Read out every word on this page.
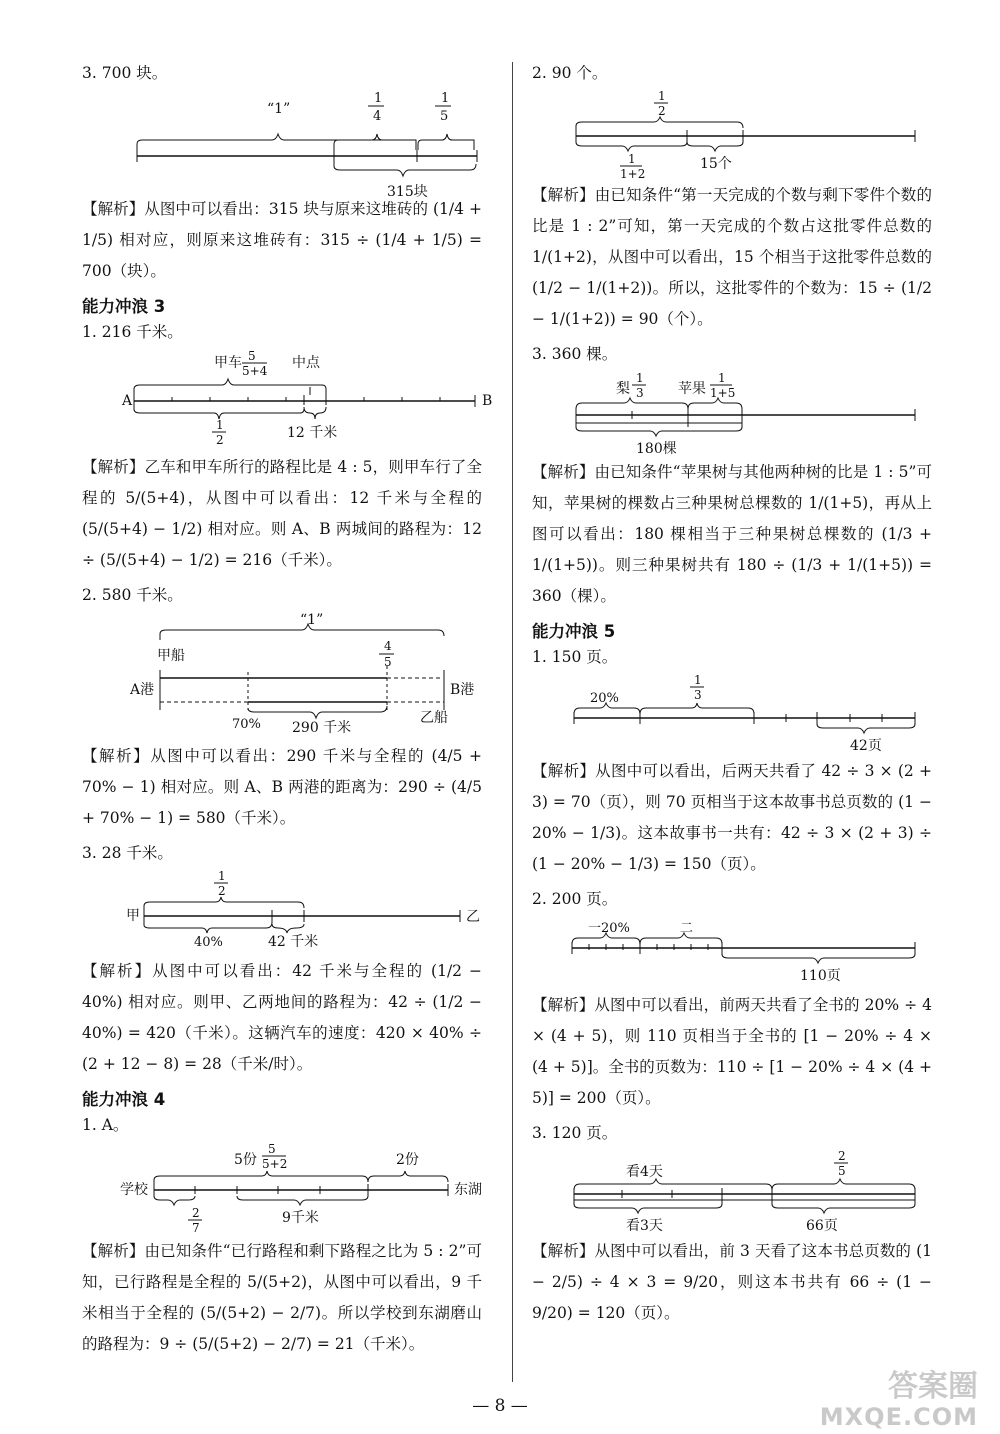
3. 700 块。
“1”
1
4
1
5
315块
【解析】从图中可以看出：315 块与原来这堆砖的 (1/4 + 1/5) 相对应，则原来这堆砖有：315 ÷ (1/4 + 1/5) = 700（块）。
能力冲浪 3
1. 216 千米。
甲车 5
5+4 中点
A	B
1
2	12 千米
【解析】乙车和甲车所行的路程比是 4 : 5，则甲车行了全程的 5/(5+4)，从图中可以看出：12 千米与全程的 (5/(5+4) − 1/2) 相对应。则 A、B 两城间的路程为：12 ÷ (5/(5+4) − 1/2) = 216（千米）。
2. 580 千米。
“1”
甲船
4
5
A港	B港
70% 290 千米
乙船
【解析】从图中可以看出：290 千米与全程的 (4/5 + 70% − 1) 相对应。则 A、B 两港的距离为：290 ÷ (4/5 + 70% − 1) = 580（千米）。
3. 28 千米。
1
2
甲	乙
40%	42 千米
【解析】从图中可以看出：42 千米与全程的 (1/2 − 40%) 相对应。则甲、乙两地间的路程为：42 ÷ (1/2 − 40%) = 420（千米）。这辆汽车的速度：420 × 40% ÷ (2 + 12 − 8) = 28（千米/时）。
能力冲浪 4
1. A。
5份
5
5+2	2份
学校	东湖
2
7
9千米
【解析】由已知条件“已行路程和剩下路程之比为 5 : 2”可知，已行路程是全程的 5/(5+2)，从图中可以看出，9 千米相当于全程的 (5/(5+2) − 2/7)。所以学校到东湖磨山的路程为：9 ÷ (5/(5+2) − 2/7) = 21（千米）。
2. 90 个。
1
2
1
1+2
15个
【解析】由已知条件“第一天完成的个数与剩下零件个数的比是 1 : 2”可知，第一天完成的个数占这批零件总数的 1/(1+2)，从图中可以看出，15 个相当于这批零件总数的 (1/2 − 1/(1+2))。所以，这批零件的个数为：15 ÷ (1/2 − 1/(1+2)) = 90（个）。
3. 360 棵。
梨
1
3 苹果
1
1+5
180棵
【解析】由已知条件“苹果树与其他两种树的比是 1 : 5”可知，苹果树的棵数占三种果树总棵数的 1/(1+5)，再从上图可以看出：180 棵相当于三种果树总棵数的 (1/3 + 1/(1+5))。则三种果树共有 180 ÷ (1/3 + 1/(1+5)) = 360（棵）。
能力冲浪 5
1. 150 页。
20%
1
3
42页
【解析】从图中可以看出，后两天共看了 42 ÷ 3 × (2 + 3) = 70（页），则 70 页相当于这本故事书总页数的 (1 − 20% − 1/3)。这本故事书一共有：42 ÷ 3 × (2 + 3) ÷ (1 − 20% − 1/3) = 150（页）。
2. 200 页。
一20%	二
110页
【解析】从图中可以看出，前两天共看了全书的 20% ÷ 4 × (4 + 5)，则 110 页相当于全书的 [1 − 20% ÷ 4 × (4 + 5)]。全书的页数为：110 ÷ [1 − 20% ÷ 4 × (4 + 5)] = 200（页）。
3. 120 页。
看4天
2
5
看3天	66页
【解析】从图中可以看出，前 3 天看了这本书总页数的 (1 − 2/5) ÷ 4 × 3 = 9/20，则这本书共有 66 ÷ (1 − 9/20) = 120（页）。
— 8 —
答案圈
MXQE.COM
